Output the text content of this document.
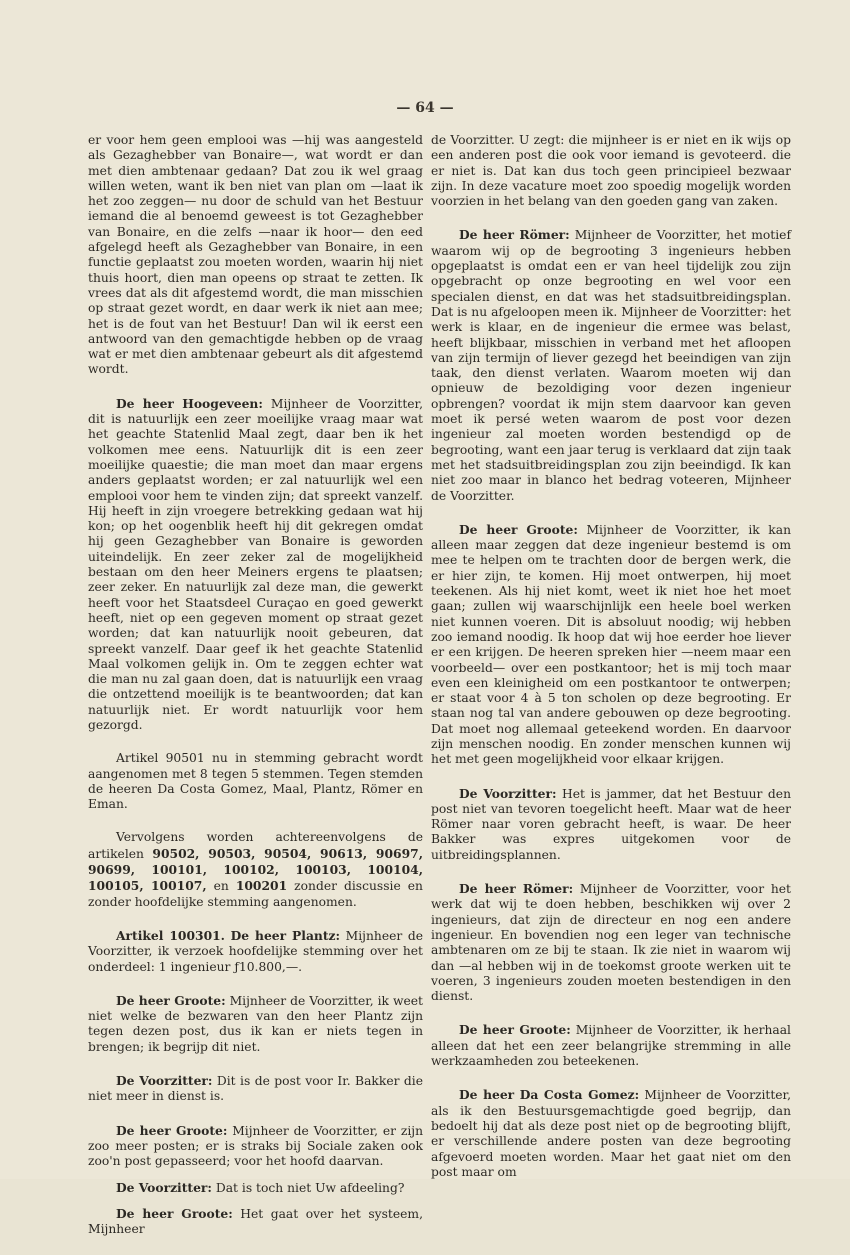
— 64 —

er voor hem geen emplooi was —hij was aangesteld als Gezaghebber van Bonaire—, wat wordt er dan met dien ambtenaar gedaan? Dat zou ik wel graag willen weten, want ik ben niet van plan om —laat ik het zoo zeggen— nu door de schuld van het Bestuur iemand die al benoemd geweest is tot Gezaghebber van Bonaire, en die zelfs —naar ik hoor— den eed afgelegd heeft als Gezaghebber van Bonaire, in een functie geplaatst zou moeten worden, waarin hij niet thuis hoort, dien man opeens op straat te zetten. Ik vrees dat als dit afgestemd wordt, die man misschien op straat gezet wordt, en daar werk ik niet aan mee; het is de fout van het Bestuur! Dan wil ik eerst een antwoord van den gemachtigde hebben op de vraag wat er met dien ambtenaar gebeurt als dit afgestemd wordt.

De heer Hoogeveen: Mijnheer de Voorzitter, dit is natuurlijk een zeer moeilijke vraag maar wat het geachte Statenlid Maal zegt, daar ben ik het volkomen mee eens. Natuurlijk dit is een zeer moeilijke quaestie; die man moet dan maar ergens anders geplaatst worden; er zal natuurlijk wel een emplooi voor hem te vinden zijn; dat spreekt vanzelf. Hij heeft in zijn vroegere betrekking gedaan wat hij kon; op het oogenblik heeft hij dit gekregen omdat hij geen Gezaghebber van Bonaire is geworden uiteindelijk. En zeer zeker zal de mogelijkheid bestaan om den heer Meiners ergens te plaatsen; zeer zeker. En natuurlijk zal deze man, die gewerkt heeft voor het Staatsdeel Curaçao en goed gewerkt heeft, niet op een gegeven moment op straat gezet worden; dat kan natuurlijk nooit gebeuren, dat spreekt vanzelf. Daar geef ik het geachte Statenlid Maal volkomen gelijk in. Om te zeggen echter wat die man nu zal gaan doen, dat is natuurlijk een vraag die ontzettend moeilijk is te beantwoorden; dat kan natuurlijk niet. Er wordt natuurlijk voor hem gezorgd.

Artikel 90501 nu in stemming gebracht wordt aangenomen met 8 tegen 5 stemmen. Tegen stemden de heeren Da Costa Gomez, Maal, Plantz, Römer en Eman.

Vervolgens worden achtereenvolgens de artikelen 90502, 90503, 90504, 90613, 90697, 90699, 100101, 100102, 100103, 100104, 100105, 100107, en 100201 zonder discussie en zonder hoofdelijke stemming aangenomen.

Artikel 100301. De heer Plantz: Mijnheer de Voorzitter, ik verzoek hoofdelijke stemming over het onderdeel: 1 ingenieur ƒ10.800,—.

De heer Groote: Mijnheer de Voorzitter, ik weet niet welke de bezwaren van den heer Plantz zijn tegen dezen post, dus ik kan er niets tegen in brengen; ik begrijp dit niet.

De Voorzitter: Dit is de post voor Ir. Bakker die niet meer in dienst is.

De heer Groote: Mijnheer de Voorzitter, er zijn zoo meer posten; er is straks bij Sociale zaken ook zoo'n post gepasseerd; voor het hoofd daarvan.

De Voorzitter: Dat is toch niet Uw afdeeling?

De heer Groote: Het gaat over het systeem, Mijnheer

de Voorzitter. U zegt: die mijnheer is er niet en ik wijs op een anderen post die ook voor iemand is gevoteerd. die er niet is. Dat kan dus toch geen principieel bezwaar zijn. In deze vacature moet zoo spoedig mogelijk worden voorzien in het belang van den goeden gang van zaken.

De heer Römer: Mijnheer de Voorzitter, het motief waarom wij op de begrooting 3 ingenieurs hebben opgeplaatst is omdat een er van heel tijdelijk zou zijn opgebracht op onze begrooting en wel voor een specialen dienst, en dat was het stadsuitbreidingsplan. Dat is nu afgeloopen meen ik. Mijnheer de Voorzitter: het werk is klaar, en de ingenieur die ermee was belast, heeft blijkbaar, misschien in verband met het afloopen van zijn termijn of liever gezegd het beeindigen van zijn taak, den dienst verlaten. Waarom moeten wij dan opnieuw de bezoldiging voor dezen ingenieur opbrengen? voordat ik mijn stem daarvoor kan geven moet ik persé weten waarom de post voor dezen ingenieur zal moeten worden bestendigd op de begrooting, want een jaar terug is verklaard dat zijn taak met het stadsuitbreidingsplan zou zijn beeindigd. Ik kan niet zoo maar in blanco het bedrag voteeren, Mijnheer de Voorzitter.

De heer Groote: Mijnheer de Voorzitter, ik kan alleen maar zeggen dat deze ingenieur bestemd is om mee te helpen om te trachten door de bergen werk, die er hier zijn, te komen. Hij moet ontwerpen, hij moet teekenen. Als hij niet komt, weet ik niet hoe het moet gaan; zullen wij waarschijnlijk een heele boel werken niet kunnen voeren. Dit is absoluut noodig; wij hebben zoo iemand noodig. Ik hoop dat wij hoe eerder hoe liever er een krijgen. De heeren spreken hier —neem maar een voorbeeld— over een postkantoor; het is mij toch maar even een kleinigheid om een postkantoor te ontwerpen; er staat voor 4 à 5 ton scholen op deze begrooting. Er staan nog tal van andere gebouwen op deze begrooting. Dat moet nog allemaal geteekend worden. En daarvoor zijn menschen noodig. En zonder menschen kunnen wij het met geen mogelijkheid voor elkaar krijgen.

De Voorzitter: Het is jammer, dat het Bestuur den post niet van tevoren toegelicht heeft. Maar wat de heer Römer naar voren gebracht heeft, is waar. De heer Bakker was expres uitgekomen voor de uitbreidingsplannen.

De heer Römer: Mijnheer de Voorzitter, voor het werk dat wij te doen hebben, beschikken wij over 2 ingenieurs, dat zijn de directeur en nog een andere ingenieur. En bovendien nog een leger van technische ambtenaren om ze bij te staan. Ik zie niet in waarom wij dan —al hebben wij in de toekomst groote werken uit te voeren, 3 ingenieurs zouden moeten bestendigen in den dienst.

De heer Groote: Mijnheer de Voorzitter, ik herhaal alleen dat het een zeer belangrijke stremming in alle werkzaamheden zou beteekenen.

De heer Da Costa Gomez: Mijnheer de Voorzitter, als ik den Bestuursgemachtigde goed begrijp, dan bedoelt hij dat als deze post niet op de begrooting blijft, er verschillende andere posten van deze begrooting afgevoerd moeten worden. Maar het gaat niet om den post maar om
